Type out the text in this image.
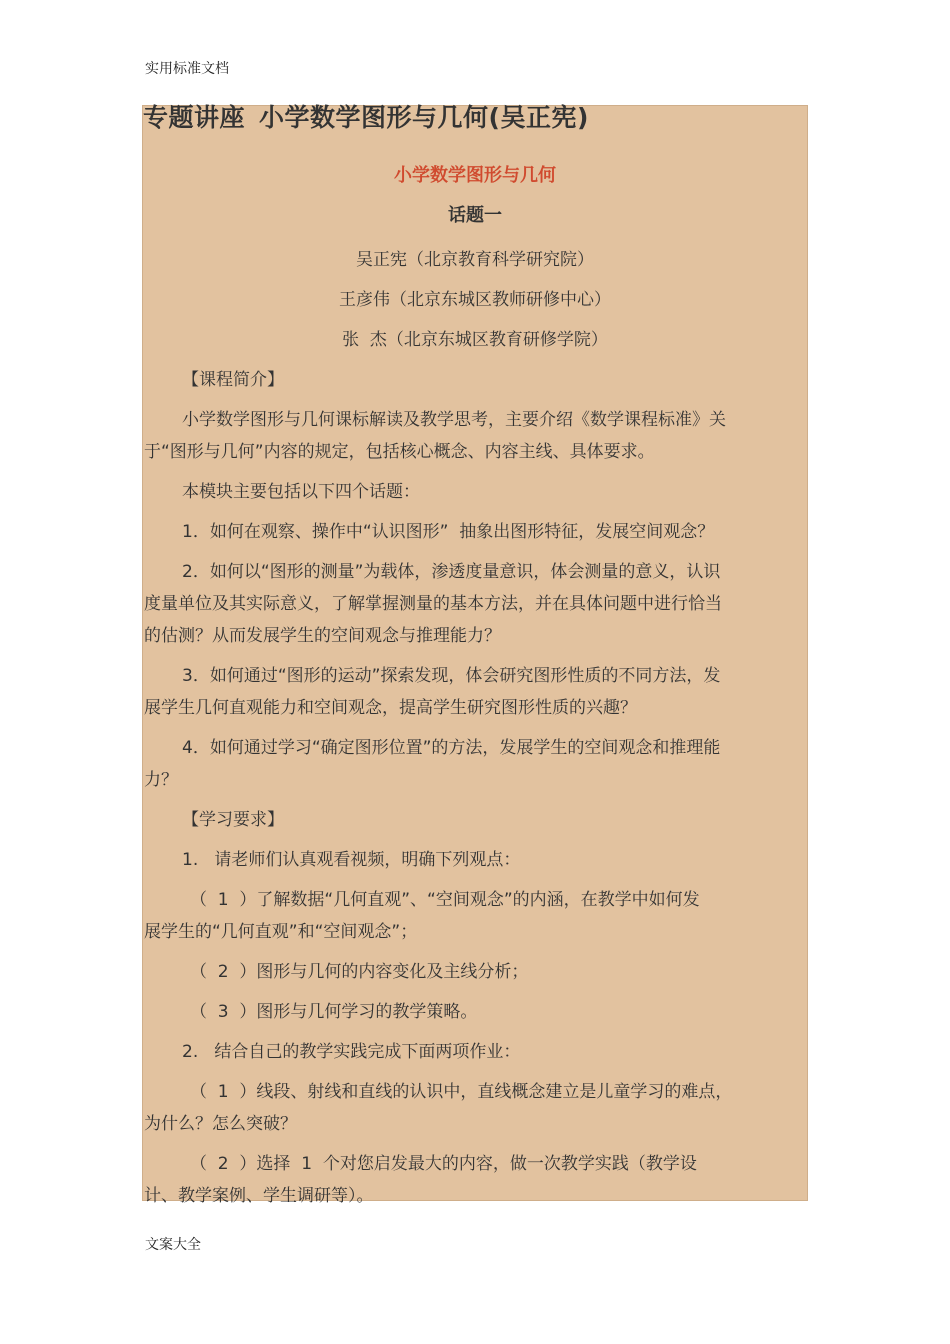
实用标准文档
专题讲座 小学数学图形与几何(吴正宪)
小学数学图形与几何
话题一
吴正宪（北京教育科学研究院）
王彦伟（北京东城区教师研修中心）
张  杰（北京东城区教育研修学院）
【课程简介】
小学数学图形与几何课标解读及教学思考，主要介绍《数学课程标准》关
于“图形与几何”内容的规定，包括核心概念、内容主线、具体要求。
本模块主要包括以下四个话题：
1．如何在观察、操作中“认识图形”  抽象出图形特征，发展空间观念？
2．如何以“图形的测量”为载体，渗透度量意识，体会测量的意义，认识
度量单位及其实际意义，了解掌握测量的基本方法，并在具体问题中进行恰当
的估测？从而发展学生的空间观念与推理能力？
3．如何通过“图形的运动”探索发现，体会研究图形性质的不同方法，发
展学生几何直观能力和空间观念，提高学生研究图形性质的兴趣？
4．如何通过学习“确定图形位置”的方法，发展学生的空间观念和推理能
力？
【学习要求】
1.   请老师们认真观看视频，明确下列观点：
（  1  ）了解数据“几何直观”、“空间观念”的内涵，在教学中如何发
展学生的“几何直观”和“空间观念”；
（  2  ）图形与几何的内容变化及主线分析；
（  3  ）图形与几何学习的教学策略。
2.   结合自己的教学实践完成下面两项作业：
（  1  ）线段、射线和直线的认识中，直线概念建立是儿童学习的难点，
为什么？怎么突破？
（  2  ）选择  1  个对您启发最大的内容，做一次教学实践（教学设
计、教学案例、学生调研等）。
文案大全
